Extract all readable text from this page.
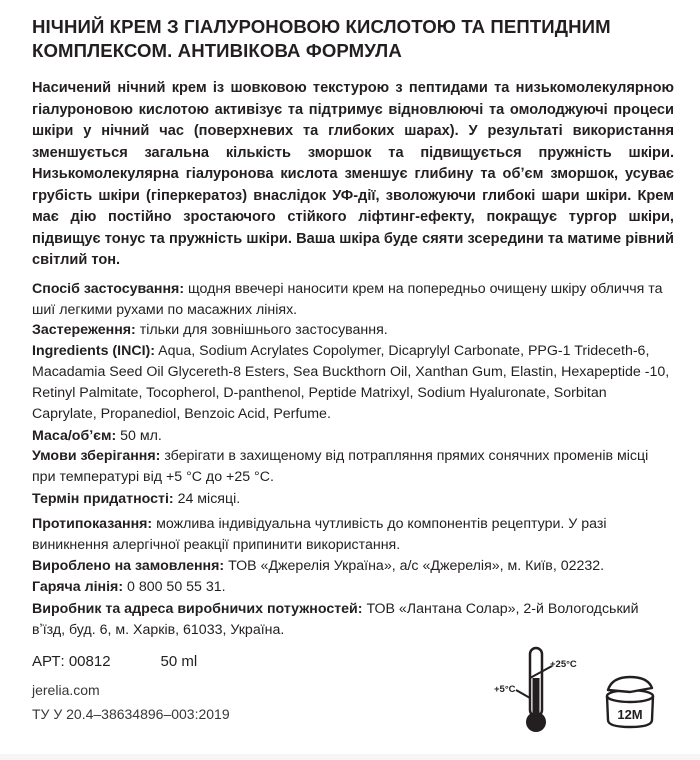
НІЧНИЙ КРЕМ З ГІАЛУРОНОВОЮ КИСЛОТОЮ ТА ПЕПТИДНИМ КОМПЛЕКСОМ. АНТИВІКОВА ФОРМУЛА

Насичений нічний крем із шовковою текстурою з пептидами та низькомолекулярною гіалуроновою кислотою активізує та підтримує відновлюючі та омолоджуючі процеси шкіри у нічний час (поверхневих та глибоких шарах). У результаті використання зменшується загальна кількість зморшок та підвищується пружність шкіри. Низькомолекулярна гіалуронова кислота зменшує глибину та обʼєм зморшок, усуває грубість шкіри (гіперкератоз) внаслідок УФ-дії, зволожуючи глибокі шари шкіри. Крем має дію постійно зростаючого стійкого ліфтинг-ефекту, покращує тургор шкіри, підвищує тонус та пружність шкіри. Ваша шкіра буде сяяти зсередини та матиме рівний світлий тон.

Спосіб застосування: щодня ввечері наносити крем на попередньо очищену шкіру обличчя та шиї легкими рухами по масажних лініях.

Застереження: тільки для зовнішнього застосування.

Ingredients (INCI): Aqua, Sodium Acrylates Copolymer, Dicaprylyl Carbonate, PPG-1 Trideceth-6, Macadamia Seed Oil Glycereth-8 Esters, Sea Buckthorn Oil, Xanthan Gum, Elastin, Hexapeptide -10, Retinyl Palmitate, Tocopherol, D-panthenol, Peptide Matrixyl, Sodium Hyaluronate, Sorbitan Caprylate, Propanediol, Benzoic Acid, Perfume.

Маса/обʼєм: 50 мл.

Умови зберігання: зберігати в захищеному від потрапляння прямих сонячних променів місці при температурі від +5 °С до +25 °С.

Термін придатності: 24 місяці.

Протипоказання: можлива індивідуальна чутливість до компонентів рецептури. У разі виникнення алергічної реакції припинити використання.

Вироблено на замовлення: ТОВ «Джерелія Україна», а/с «Джерелія», м. Київ, 02232.

Гаряча лінія: 0 800 50 55 31.

Виробник та адреса виробничих потужностей: ТОВ «Лантана Солар», 2-й Вологодський вʼїзд, буд. 6, м. Харків, 61033, Україна.

АРТ: 00812	50 ml
jerelia.com
ТУ У 20.4–38634896–003:2019
+25°C
+5°C
12M
